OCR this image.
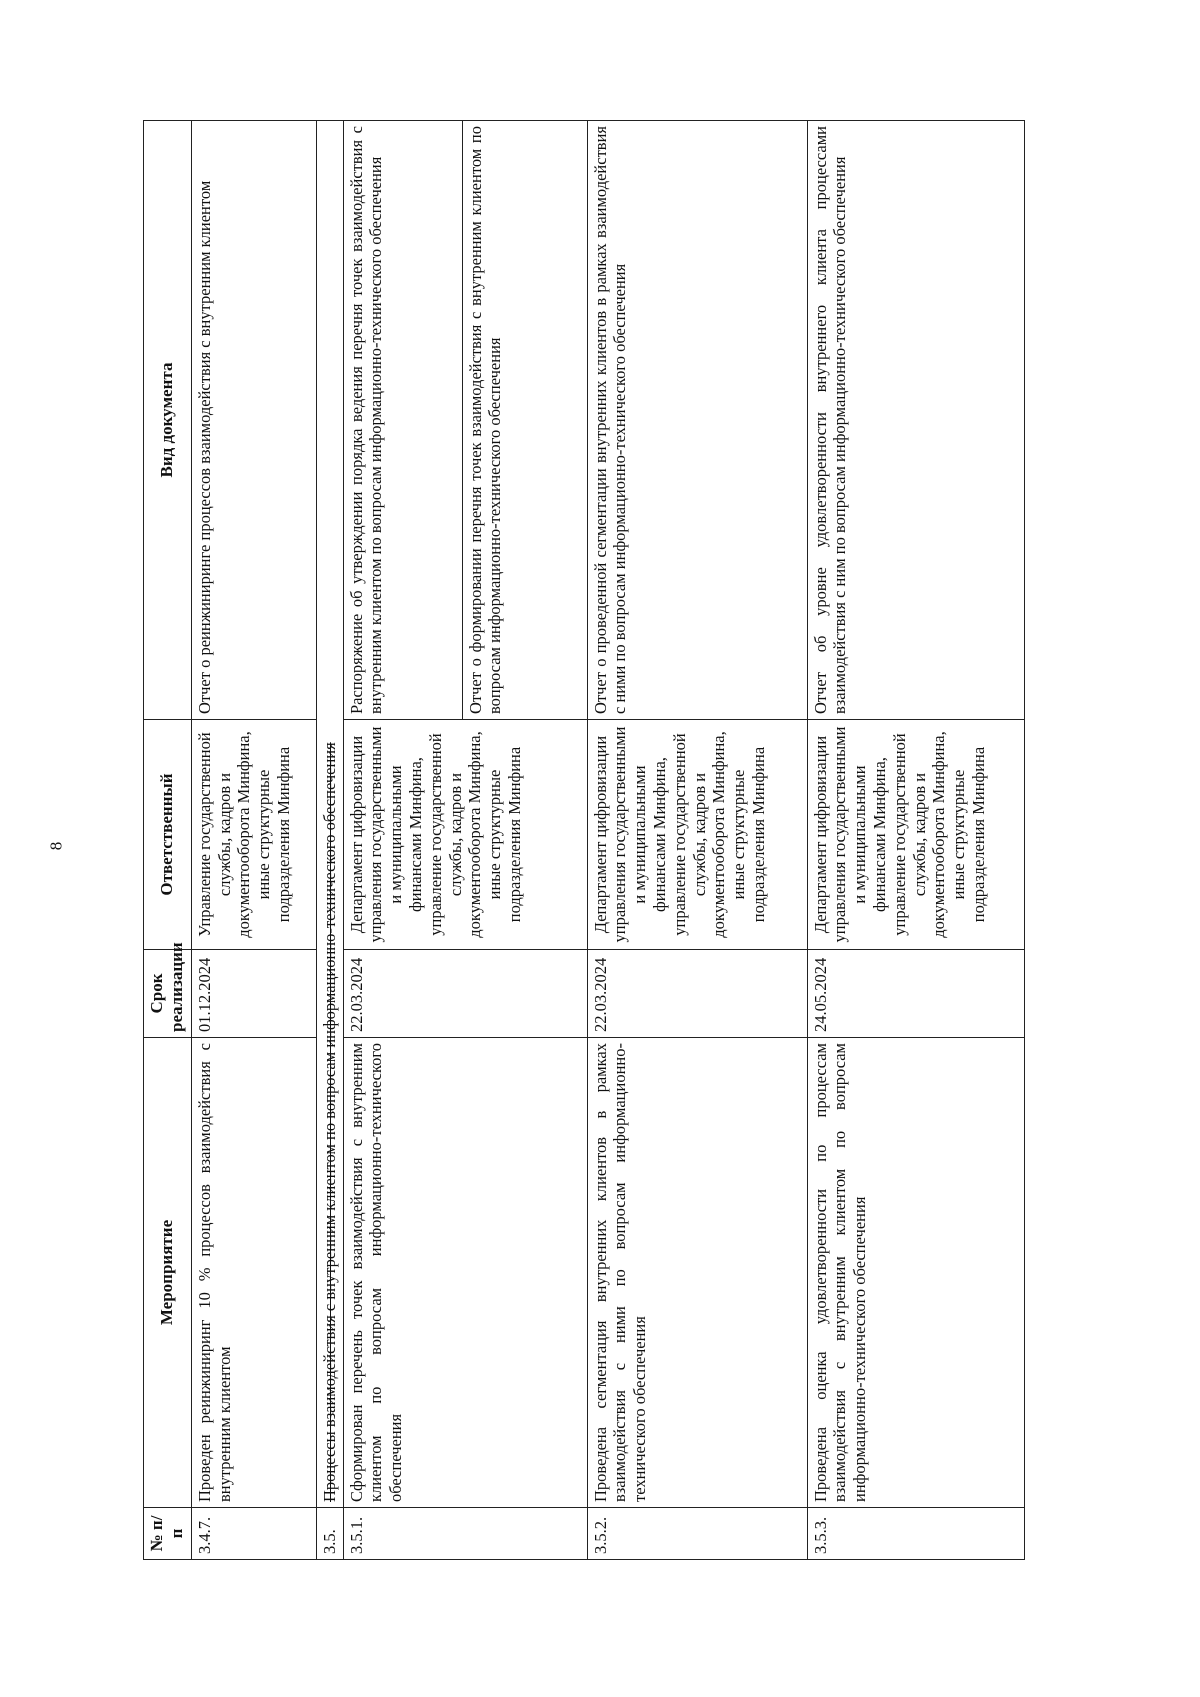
8
№ п/п	Мероприятие	Срок реализации	Ответственный	Вид документа
3.4.7.	Проведен реинжиниринг 10 % процессов взаимодействия с внутренним клиентом	01.12.2024	Управление государственной службы, кадров и документооборота Минфина, иные структурные подразделения Минфина	Отчет о реинжиниринге процессов взаимодействия с внутренним клиентом
3.5.	Процессы взаимодействия с внутренним клиентом по вопросам информационно-технического обеспечения			
3.5.1.	Сформирован перечень точек взаимодействия с внутренним клиентом по вопросам информационно-технического обеспечения	22.03.2024	Департамент цифровизации управления государственными и муниципальными финансами Минфина, управление государственной службы, кадров и документооборота Минфина, иные структурные подразделения Минфина	Распоряжение об утверждении порядка ведения перечня точек взаимодействия с внутренним клиентом по вопросам информационно-технического обеспечения
				Отчет о формировании перечня точек взаимодействия с внутренним клиентом по вопросам информационно-технического обеспечения
3.5.2.	Проведена сегментация внутренних клиентов в рамках взаимодействия с ними по вопросам информационно-технического обеспечения	22.03.2024	Департамент цифровизации управления государственными и муниципальными финансами Минфина, управление государственной службы, кадров и документооборота Минфина, иные структурные подразделения Минфина	Отчет о проведенной сегментации внутренних клиентов в рамках взаимодействия с ними по вопросам информационно-технического обеспечения
3.5.3.	Проведена оценка удовлетворенности по процессам взаимодействия с внутренним клиентом по вопросам информационно-технического обеспечения	24.05.2024	Департамент цифровизации управления государственными и муниципальными финансами Минфина, управление государственной службы, кадров и документооборота Минфина, иные структурные подразделения Минфина	Отчет об уровне удовлетворенности внутреннего клиента процессами взаимодействия с ним по вопросам информационно-технического обеспечения
